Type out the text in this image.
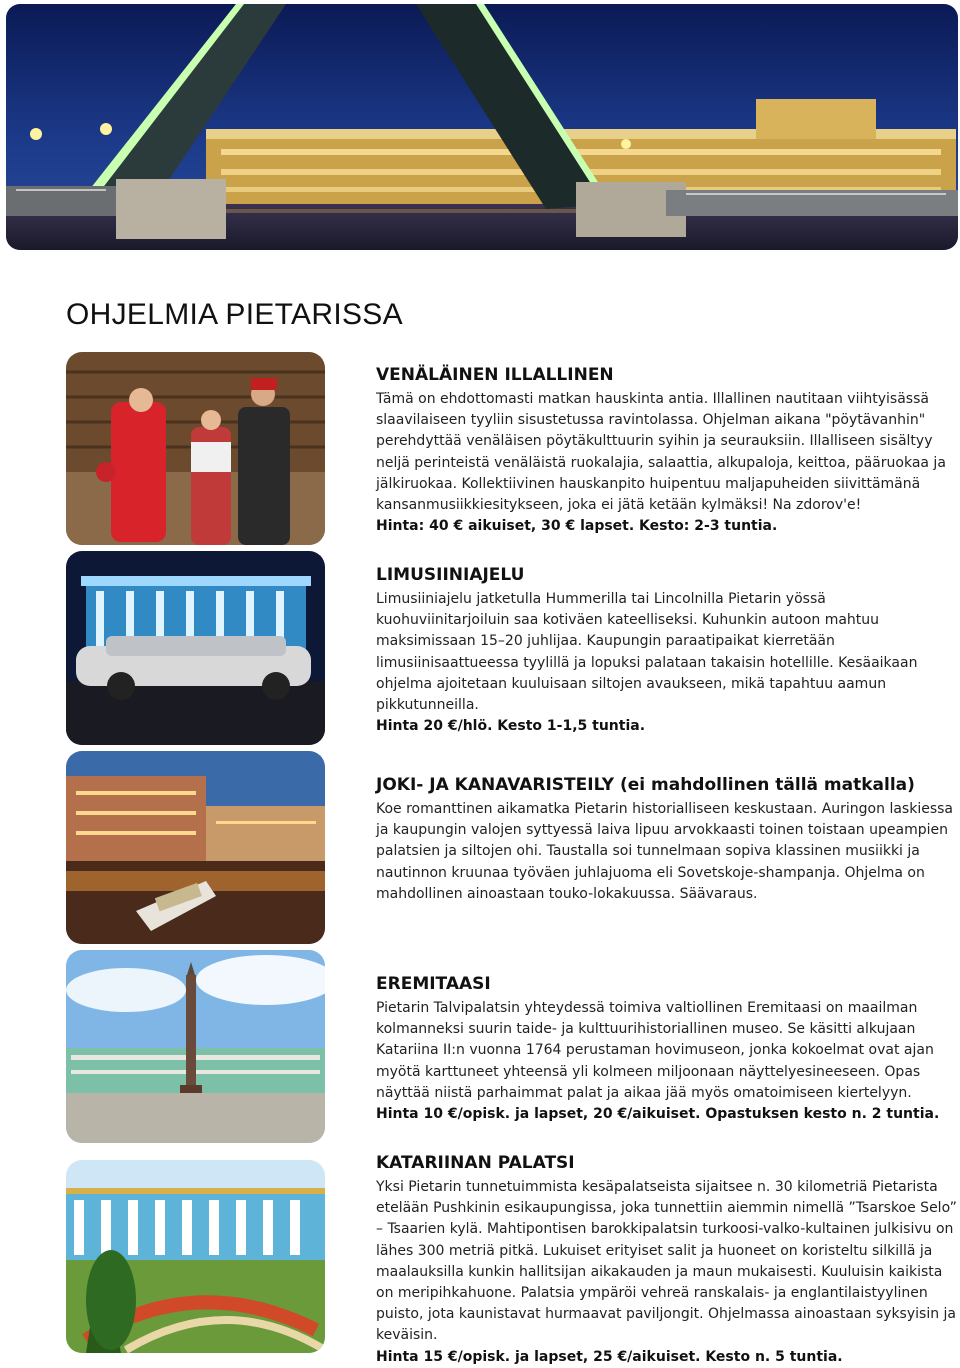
OHJELMIA PIETARISSA

VENÄLÄINEN ILLALLINEN

Tämä on ehdottomasti matkan hauskinta antia. Illallinen nautitaan viihtyisässä slaavilaiseen tyyliin sisustetussa ravintolassa. Ohjelman aikana "pöytävanhin" perehdyttää venäläisen pöytäkulttuurin syihin ja seurauksiin. Illalliseen sisältyy neljä perinteistä venäläistä ruokalajia, salaattia, alkupaloja, keittoa, pääruokaa ja jälkiruokaa. Kollektiivinen hauskanpito huipentuu maljapuheiden siivittämänä kansanmusiikkiesitykseen, joka ei jätä ketään kylmäksi! Na zdorov'e!

Hinta: 40 € aikuiset, 30 € lapset. Kesto: 2-3 tuntia.

LIMUSIINIAJELU

Limusiiniajelu jatketulla Hummerilla tai Lincolnilla Pietarin yössä kuohuviinitarjoiluin saa kotiväen kateelliseksi. Kuhunkin autoon mahtuu maksimissaan 15–20 juhlijaa. Kaupungin paraatipaikat kierretään limusiinisaattueessa tyylillä ja lopuksi palataan takaisin hotellille. Kesäaikaan ohjelma ajoitetaan kuuluisaan siltojen avaukseen, mikä tapahtuu aamun pikkutunneilla.

Hinta 20 €/hlö. Kesto 1-1,5 tuntia.

JOKI- JA KANAVARISTEILY (ei mahdollinen tällä matkalla)

Koe romanttinen aikamatka Pietarin historialliseen keskustaan. Auringon laskiessa ja kaupungin valojen syttyessä laiva lipuu arvokkaasti toinen toistaan upeampien palatsien ja siltojen ohi. Taustalla soi tunnelmaan sopiva klassinen musiikki ja nautinnon kruunaa työväen juhlajuoma eli Sovetskoje-shampanja. Ohjelma on mahdollinen ainoastaan touko-lokakuussa. Säävaraus.

EREMITAASI

Pietarin Talvipalatsin yhteydessä toimiva valtiollinen Eremitaasi on maailman kolmanneksi suurin taide- ja kulttuurihistoriallinen museo. Se käsitti alkujaan Katariina II:n vuonna 1764 perustaman hovimuseon, jonka kokoelmat ovat ajan myötä karttuneet yhteensä yli kolmeen miljoonaan näyttelyesineeseen. Opas näyttää niistä parhaimmat palat ja aikaa jää myös omatoimiseen kiertelyyn.

Hinta 10 €/opisk. ja lapset, 20 €/aikuiset. Opastuksen kesto n. 2 tuntia.

KATARIINAN PALATSI

Yksi Pietarin tunnetuimmista kesäpalatseista sijaitsee n. 30 kilometriä Pietarista etelään Pushkinin esikaupungissa, joka tunnettiin aiemmin nimellä ”Tsarskoe Selo” – Tsaarien kylä. Mahtipontisen barokkipalatsin turkoosi-valko-kultainen julkisivu on lähes 300 metriä pitkä. Lukuiset erityiset salit ja huoneet on koristeltu silkillä ja maalauksilla kunkin hallitsijan aikakauden ja maun mukaisesti. Kuuluisin kaikista on meripihkahuone. Palatsia ympäröi vehreä ranskalais- ja englantilaistyylinen puisto, jota kaunistavat hurmaavat paviljongit. Ohjelmassa ainoastaan syksyisin ja keväisin.

Hinta 15 €/opisk. ja lapset, 25 €/aikuiset. Kesto n. 5 tuntia.
